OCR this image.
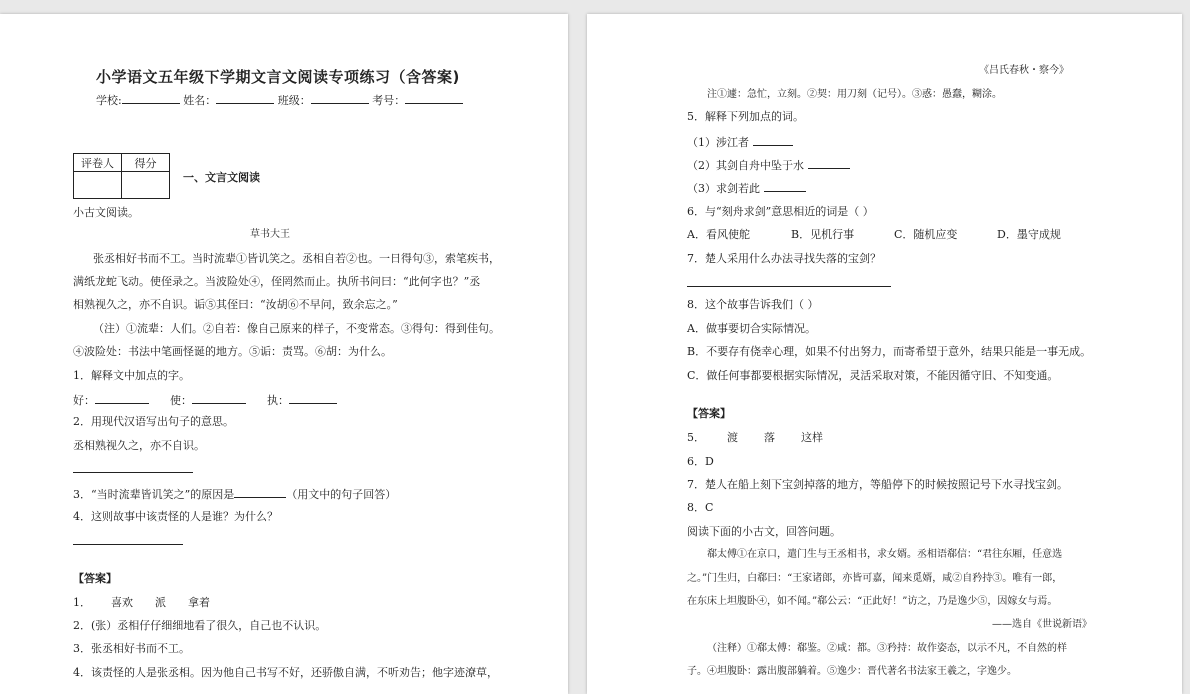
小学语文五年级下学期文言文阅读专项练习（含答案)
学校:	姓名：	班级：	考号：
评卷人	得分

一、文言文阅读
小古文阅读。
草书大王
张丞相好书而不工。当时流辈①皆讥笑之。丞相自若②也。一日得句③，索笔疾书，
满纸龙蛇飞动。使侄录之。当波险处④，侄罔然而止。执所书问曰：“此何字也？”丞
相熟视久之，亦不自识。诟⑤其侄曰：“汝胡⑥不早问，致余忘之。”
（注）①流辈：人们。②自若：像自己原来的样子，不变常态。③得句：得到佳句。
④波险处：书法中笔画怪诞的地方。⑤诟：责骂。⑥胡：为什么。
1．解释文中加点的字。
好：	使：	执：
2．用现代汉语写出句子的意思。
丞相熟视久之，亦不自识。
3．“当时流辈皆讥笑之”的原因是	（用文中的句子回答）
4．这则故事中该责怪的人是谁？为什么？
【答案】
1． 喜欢 派 拿着
2．(张）丞相仔仔细细地看了很久，自己也不认识。
3．张丞相好书而不工。
4．该责怪的人是张丞相。因为他自己书写不好，还骄傲自满，不听劝告；他字迹潦草，
《吕氏春秋・察今》
注①遽：急忙，立刻。②契：用刀刻（记号）。③惑：愚蠢，糊涂。
5．解释下列加点的词。
（1）涉江者
（2）其剑自舟中坠于水
（3）求剑若此
6．与“刻舟求剑”意思相近的词是（ ）
A．看风使舵	B．见机行事	C．随机应变	D．墨守成规
7．楚人采用什么办法寻找失落的宝剑？
8．这个故事告诉我们（ ）
A．做事要切合实际情况。
B．不要存有侥幸心理，如果不付出努力，而寄希望于意外，结果只能是一事无成。
C．做任何事都要根据实际情况，灵活采取对策，不能因循守旧、不知变通。
【答案】
5． 渡 落 这样
6．D
7．楚人在船上刻下宝剑掉落的地方，等船停下的时候按照记号下水寻找宝剑。
8．C
阅读下面的小古文，回答问题。
郗太傅①在京口，遣门生与王丞相书，求女婿。丞相语郗信：“君往东厢，任意选
之。”门生归，白郗曰：“王家诸郎，亦皆可嘉，闻来觅婿，咸②自矜持③。唯有一郎，
在东床上坦腹卧④，如不闻。”郗公云：“正此好！”访之，乃是逸少⑤，因嫁女与焉。
——选自《世说新语》
（注释）①郗太傅：郗鉴。②咸：都。③矜持：故作姿态，以示不凡，不自然的样
子。④坦腹卧：露出腹部躺着。⑤逸少：晋代著名书法家王羲之，字逸少。
